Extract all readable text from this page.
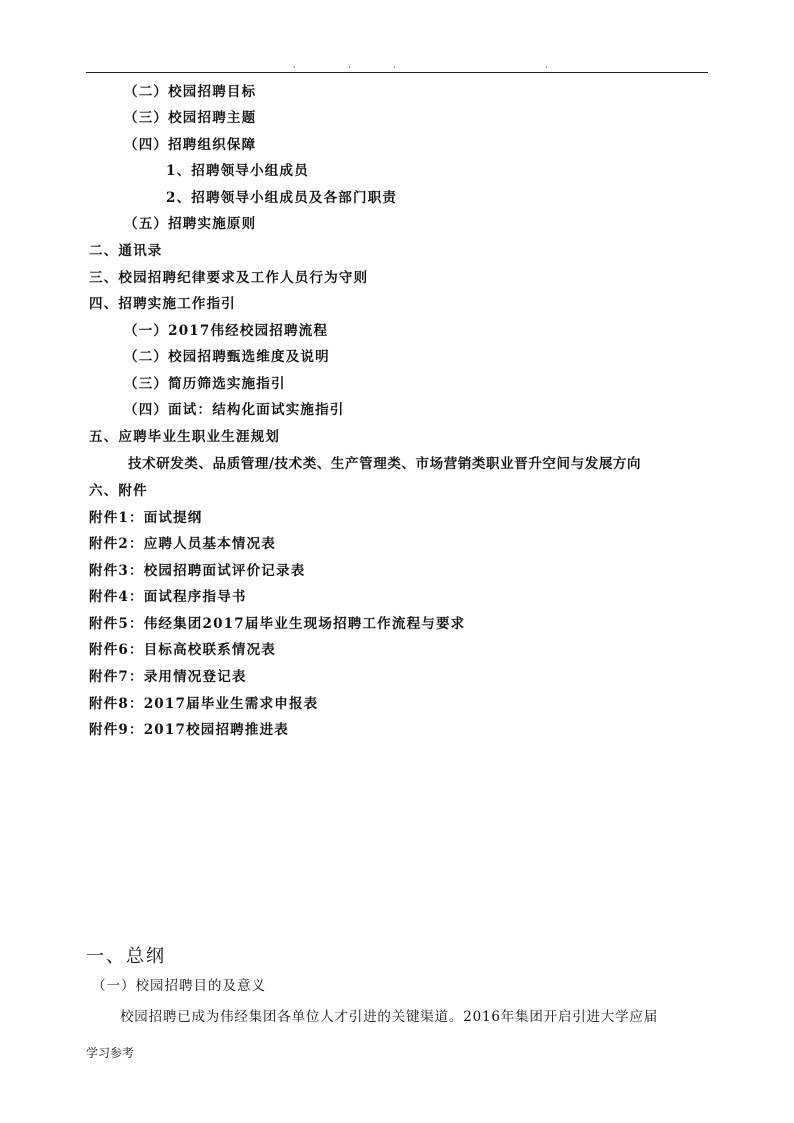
·	·	·	·
（二）校园招聘目标
（三）校园招聘主题
（四）招聘组织保障
1、招聘领导小组成员
2、招聘领导小组成员及各部门职责
（五）招聘实施原则
二、通讯录
三、校园招聘纪律要求及工作人员行为守则
四、招聘实施工作指引
（一）2017伟经校园招聘流程
（二）校园招聘甄选维度及说明
（三）简历筛选实施指引
（四）面试：结构化面试实施指引
五、应聘毕业生职业生涯规划
技术研发类、品质管理/技术类、生产管理类、市场营销类职业晋升空间与发展方向
六、附件
附件1：面试提纲
附件2：应聘人员基本情况表
附件3：校园招聘面试评价记录表
附件4：面试程序指导书
附件5：伟经集团2017届毕业生现场招聘工作流程与要求
附件6：目标高校联系情况表
附件7：录用情况登记表
附件8：2017届毕业生需求申报表
附件9：2017校园招聘推进表
一、总纲
（一）校园招聘目的及意义
校园招聘已成为伟经集团各单位人才引进的关键渠道。2016年集团开启引进大学应届
学习参考
